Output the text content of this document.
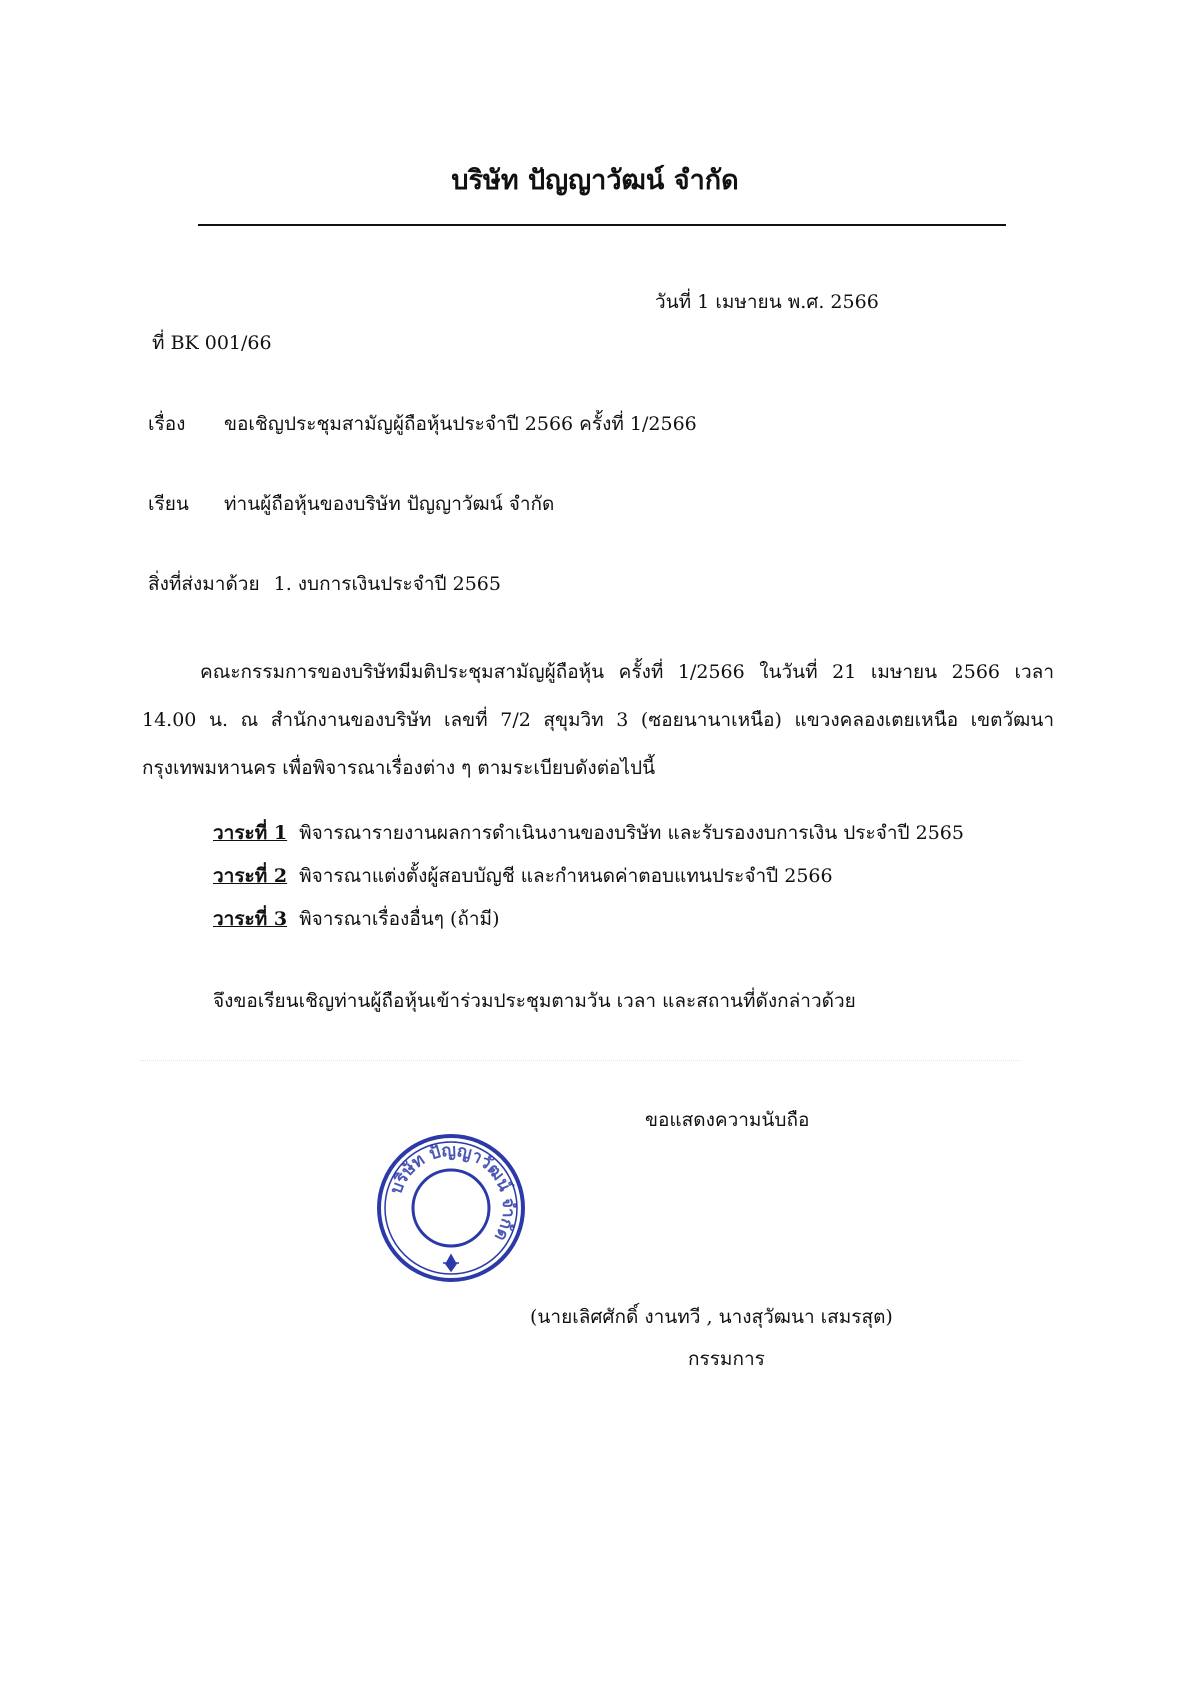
บริษัท ปัญญาวัฒน์ จำกัด
วันที่ 1 เมษายน พ.ศ. 2566
ที่ BK 001/66
เรื่อง ขอเชิญประชุมสามัญผู้ถือหุ้นประจำปี 2566 ครั้งที่ 1/2566
เรียน ท่านผู้ถือหุ้นของบริษัท ปัญญาวัฒน์ จำกัด
สิ่งที่ส่งมาด้วย 1. งบการเงินประจำปี 2565
คณะกรรมการของบริษัทมีมติประชุมสามัญผู้ถือหุ้น ครั้งที่ 1/2566 ในวันที่ 21 เมษายน 2566 เวลา 14.00 น. ณ สำนักงานของบริษัท เลขที่ 7/2 สุขุมวิท 3 (ซอยนานาเหนือ) แขวงคลองเตยเหนือ เขตวัฒนา กรุงเทพมหานคร เพื่อพิจารณาเรื่องต่าง ๆ ตามระเบียบดังต่อไปนี้
วาระที่ 1 พิจารณารายงานผลการดำเนินงานของบริษัท และรับรองงบการเงิน ประจำปี 2565
วาระที่ 2 พิจารณาแต่งตั้งผู้สอบบัญชี และกำหนดค่าตอบแทนประจำปี 2566
วาระที่ 3 พิจารณาเรื่องอื่นๆ (ถ้ามี)
จึงขอเรียนเชิญท่านผู้ถือหุ้นเข้าร่วมประชุมตามวัน เวลา และสถานที่ดังกล่าวด้วย
ขอแสดงความนับถือ
บริษัท ปัญญาวัฒน์ จำกัด
(นายเลิศศักดิ์ งานทวี , นางสุวัฒนา เสมรสุต)
กรรมการ
